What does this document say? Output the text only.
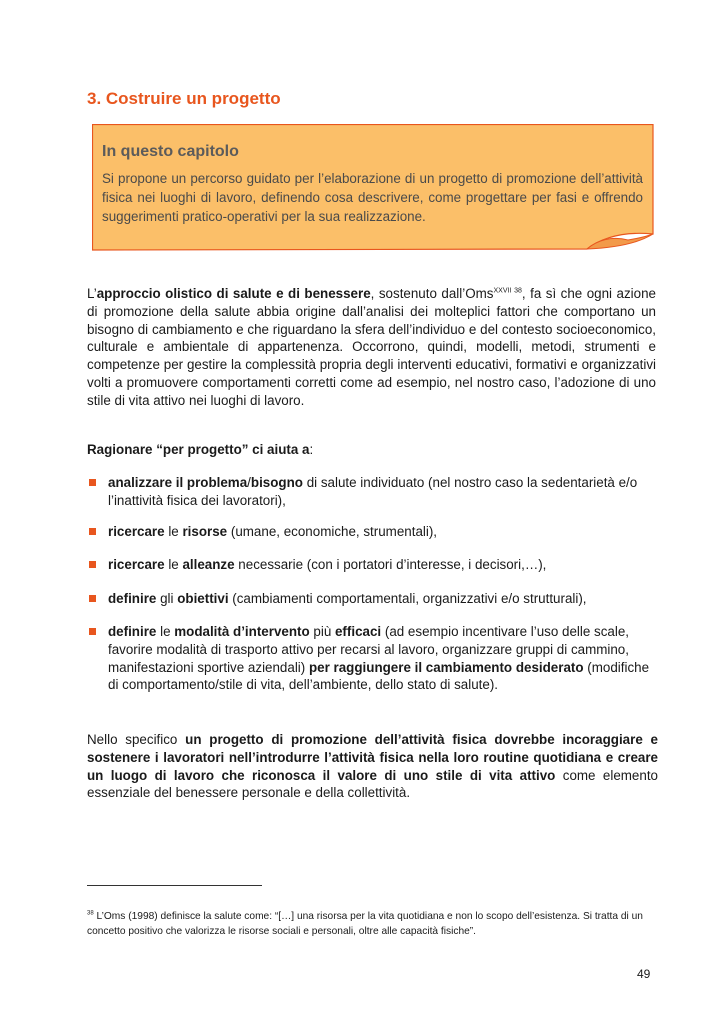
3. Costruire un progetto
In questo capitolo

Si propone un percorso guidato per l’elaborazione di un progetto di promozione dell’attività fisica nei luoghi di lavoro, definendo cosa descrivere, come progettare per fasi e offrendo suggerimenti pratico-operativi per la sua realizzazione.

L’approccio olistico di salute e di benessere, sostenuto dall’Oms$^{XXVII 38}$, fa sì che ogni azione di promozione della salute abbia origine dall’analisi dei molteplici fattori che comportano un bisogno di cambiamento e che riguardano la sfera dell’individuo e del contesto socioeconomico, culturale e ambientale di appartenenza. Occorrono, quindi, modelli, metodi, strumenti e competenze per gestire la complessità propria degli interventi educativi, formativi e organizzativi volti a promuovere comportamenti corretti come ad esempio, nel nostro caso, l’adozione di uno stile di vita attivo nei luoghi di lavoro.

Ragionare “per progetto” ci aiuta a:

analizzare il problema/bisogno di salute individuato (nel nostro caso la sedentarietà e/o l’inattività fisica dei lavoratori),
ricercare le risorse (umane, economiche, strumentali),
ricercare le alleanze necessarie (con i portatori d’interesse, i decisori,…),
definire gli obiettivi (cambiamenti comportamentali, organizzativi e/o strutturali),
definire le modalità d’intervento più efficaci (ad esempio incentivare l’uso delle scale, favorire modalità di trasporto attivo per recarsi al lavoro, organizzare gruppi di cammino, manifestazioni sportive aziendali) per raggiungere il cambiamento desiderato (modifiche di comportamento/stile di vita, dell’ambiente, dello stato di salute).

Nello specifico un progetto di promozione dell’attività fisica dovrebbe incoraggiare e sostenere i lavoratori nell’introdurre l’attività fisica nella loro routine quotidiana e creare un luogo di lavoro che riconosca il valore di uno stile di vita attivo come elemento essenziale del benessere personale e della collettività.

$^{38}$ L’Oms (1998) definisce la salute come: “[…] una risorsa per la vita quotidiana e non lo scopo dell’esistenza. Si tratta di un concetto positivo che valorizza le risorse sociali e personali, oltre alle capacità fisiche”.

49
